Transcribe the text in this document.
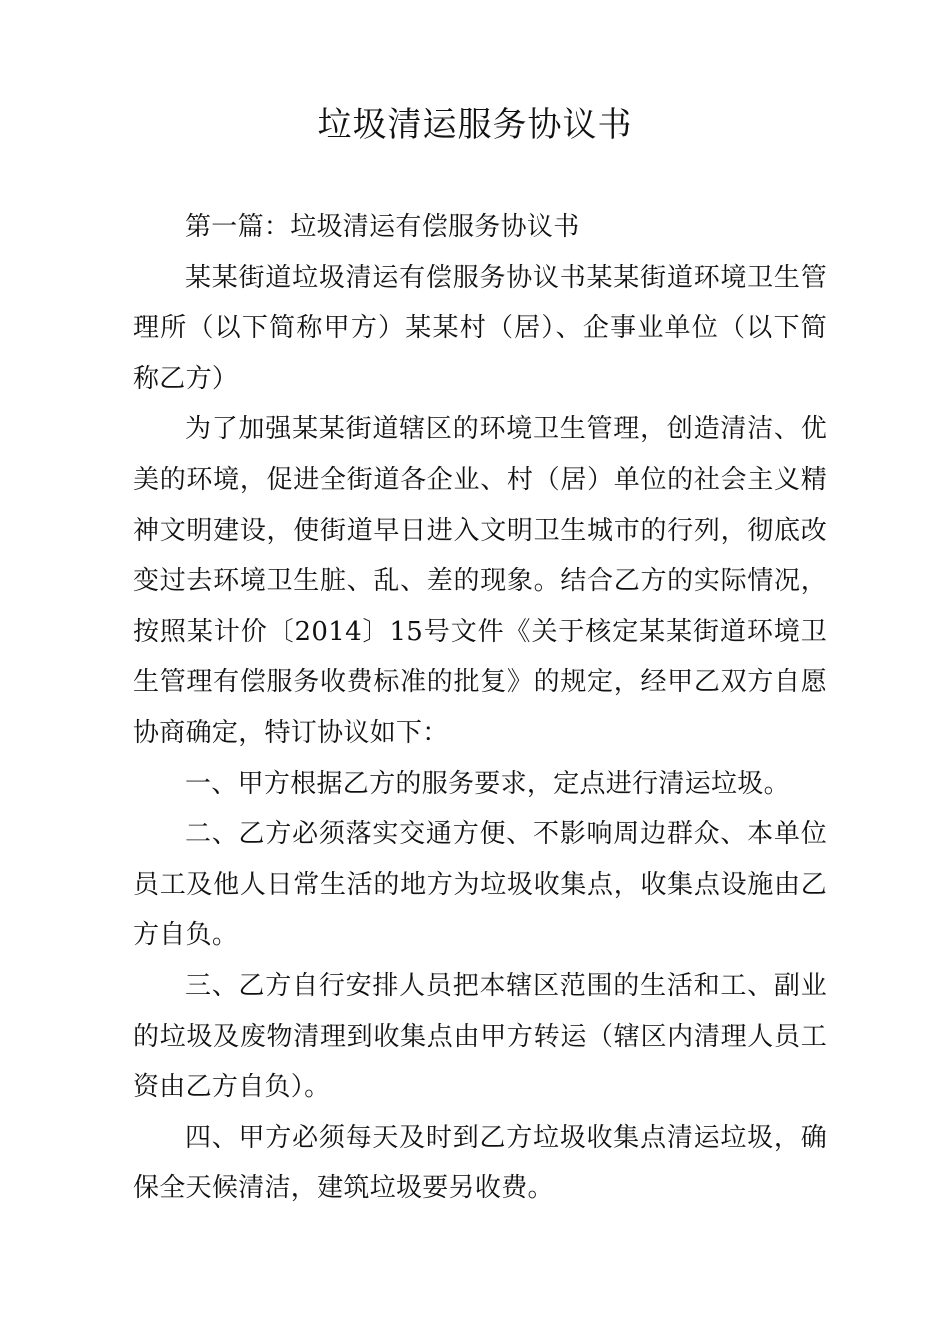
垃圾清运服务协议书

第一篇：垃圾清运有偿服务协议书

某某街道垃圾清运有偿服务协议书某某街道环境卫生管理所（以下简称甲方）某某村（居）、企事业单位（以下简称乙方）

为了加强某某街道辖区的环境卫生管理，创造清洁、优美的环境，促进全街道各企业、村（居）单位的社会主义精神文明建设，使街道早日进入文明卫生城市的行列，彻底改变过去环境卫生脏、乱、差的现象。结合乙方的实际情况，按照某计价〔2014〕15号文件《关于核定某某街道环境卫生管理有偿服务收费标准的批复》的规定，经甲乙双方自愿协商确定，特订协议如下：

一、甲方根据乙方的服务要求，定点进行清运垃圾。

二、乙方必须落实交通方便、不影响周边群众、本单位员工及他人日常生活的地方为垃圾收集点，收集点设施由乙方自负。

三、乙方自行安排人员把本辖区范围的生活和工、副业的垃圾及废物清理到收集点由甲方转运（辖区内清理人员工资由乙方自负）。

四、甲方必须每天及时到乙方垃圾收集点清运垃圾，确保全天候清洁，建筑垃圾要另收费。
